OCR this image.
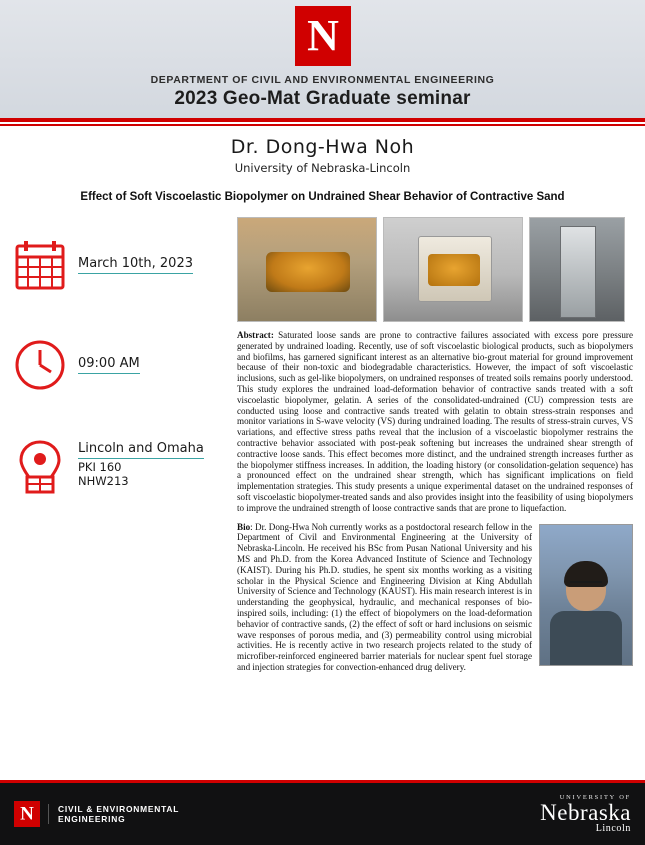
N
DEPARTMENT OF CIVIL AND ENVIRONMENTAL ENGINEERING
2023 Geo-Mat Graduate seminar
Dr. Dong-Hwa Noh
University of Nebraska-Lincoln
Effect of Soft Viscoelastic Biopolymer on Undrained Shear Behavior of Contractive Sand
March 10th, 2023
09:00 AM
Lincoln and Omaha
PKI 160
NHW213

Abstract: Saturated loose sands are prone to contractive failures associated with excess pore pressure generated by undrained loading. Recently, use of soft viscoelastic biological products, such as biopolymers and biofilms, has garnered significant interest as an alternative bio-grout material for ground improvement because of their non-toxic and biodegradable characteristics. However, the impact of soft viscoelastic inclusions, such as gel-like biopolymers, on undrained responses of treated soils remains poorly understood. This study explores the undrained load-deformation behavior of contractive sands treated with a soft viscoelastic biopolymer, gelatin. A series of the consolidated-undrained (CU) compression tests are conducted using loose and contractive sands treated with gelatin to obtain stress-strain responses and monitor variations in S-wave velocity (VS) during undrained loading. The results of stress-strain curves, VS variations, and effective stress paths reveal that the inclusion of a viscoelastic biopolymer restrains the contractive behavior associated with post-peak softening but increases the undrained shear strength of contractive loose sands. This effect becomes more distinct, and the undrained strength increases further as the biopolymer stiffness increases. In addition, the loading history (or consolidation-gelation sequence) has a pronounced effect on the undrained shear strength, which has significant implications on field implementation strategies. This study presents a unique experimental dataset on the undrained responses of soft viscoelastic biopolymer-treated sands and also provides insight into the feasibility of using biopolymers to improve the undrained strength of loose contractive sands that are prone to liquefaction.

Bio: Dr. Dong-Hwa Noh currently works as a postdoctoral research fellow in the Department of Civil and Environmental Engineering at the University of Nebraska-Lincoln. He received his BSc from Pusan National University and his MS and Ph.D. from the Korea Advanced Institute of Science and Technology (KAIST). During his Ph.D. studies, he spent six months working as a visiting scholar in the Physical Science and Engineering Division at King Abdullah University of Science and Technology (KAUST). His main research interest is in understanding the geophysical, hydraulic, and mechanical responses of bio-inspired soils, including: (1) the effect of biopolymers on the load-deformation behavior of contractive sands, (2) the effect of soft or hard inclusions on seismic wave responses of porous media, and (3) permeability control using microbial activities. He is recently active in two research projects related to the study of microfiber-reinforced engineered barrier materials for nuclear spent fuel storage and injection strategies for convection-enhanced drug delivery.

N	CIVIL & ENVIRONMENTAL
ENGINEERING
UNIVERSITY OF
Nebraska
Lincoln
